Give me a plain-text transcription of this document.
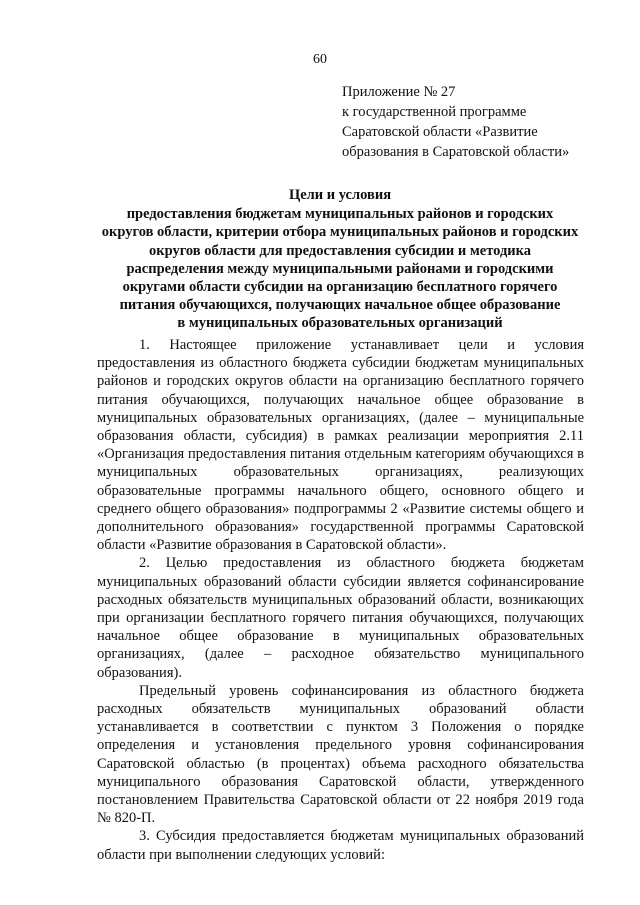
60
Приложение № 27
к государственной программе
Саратовской области «Развитие
образования в Саратовской области»
Цели и условия
предоставления бюджетам муниципальных районов и городских
округов области, критерии отбора муниципальных районов и городских
округов области для предоставления субсидии и методика
распределения между муниципальными районами и городскими
округами области субсидии на организацию бесплатного горячего
питания обучающихся, получающих начальное общее образование
в муниципальных образовательных организаций

1. Настоящее приложение устанавливает цели и условия предоставления из областного бюджета субсидии бюджетам муниципальных районов и городских округов области на организацию бесплатного горячего питания обучающихся, получающих начальное общее образование в муниципальных образовательных организациях, (далее – муниципальные образования области, субсидия) в рамках реализации мероприятия 2.11 «Организация предоставления питания отдельным категориям обучающихся в муниципальных образовательных организациях, реализующих образовательные программы начального общего, основного общего и среднего общего образования» подпрограммы 2 «Развитие системы общего и дополнительного образования» государственной программы Саратовской области «Развитие образования в Саратовской области».

2. Целью предоставления из областного бюджета бюджетам муниципальных образований области субсидии является софинансирование расходных обязательств муниципальных образований области, возникающих при организации бесплатного горячего питания обучающихся, получающих начальное общее образование в муниципальных образовательных организациях, (далее – расходное обязательство муниципального образования).

Предельный уровень софинансирования из областного бюджета расходных обязательств муниципальных образований области устанавливается в соответствии с пунктом 3 Положения о порядке определения и установления предельного уровня софинансирования Саратовской областью (в процентах) объема расходного обязательства муниципального образования Саратовской области, утвержденного постановлением Правительства Саратовской области от 22 ноября 2019 года № 820-П.

3. Субсидия предоставляется бюджетам муниципальных образований области при выполнении следующих условий:
